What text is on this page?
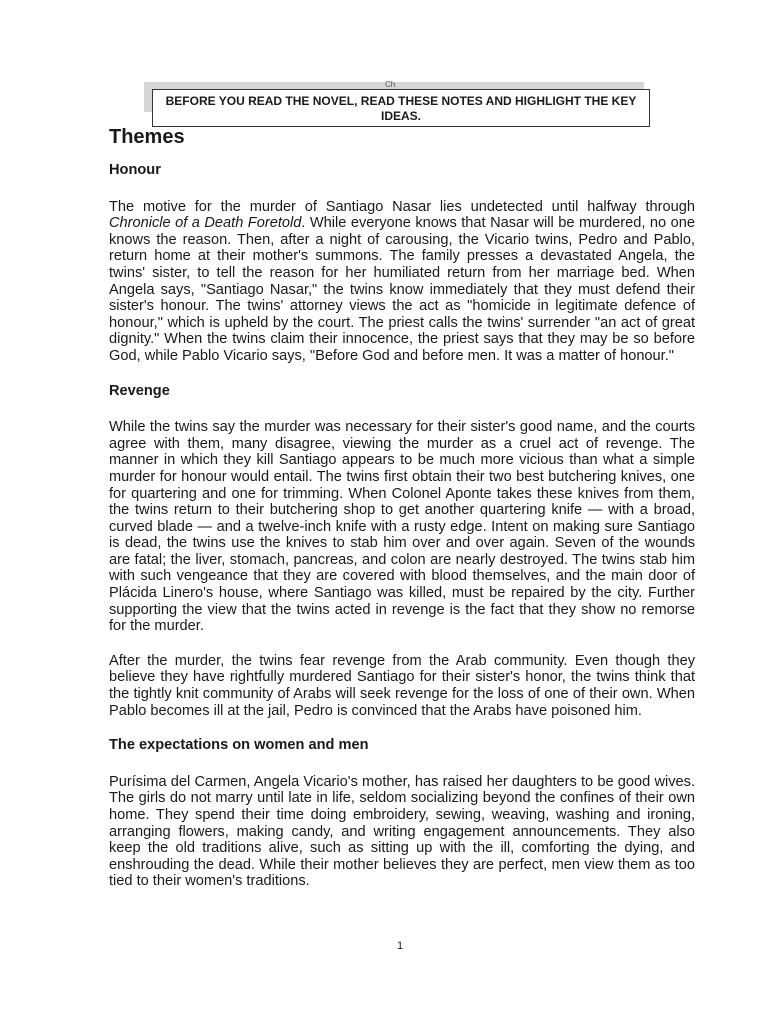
Ch
BEFORE YOU READ THE NOVEL, READ THESE NOTES AND HIGHLIGHT THE KEY IDEAS.
Themes
Honour

The motive for the murder of Santiago Nasar lies undetected until halfway through Chronicle of a Death Foretold. While everyone knows that Nasar will be murdered, no one knows the reason. Then, after a night of carousing, the Vicario twins, Pedro and Pablo, return home at their mother's summons. The family presses a devastated Angela, the twins' sister, to tell the reason for her humiliated return from her marriage bed. When Angela says, "Santiago Nasar," the twins know immediately that they must defend their sister's honour. The twins' attorney views the act as "homicide in legitimate defence of honour," which is upheld by the court. The priest calls the twins' surrender "an act of great dignity." When the twins claim their innocence, the priest says that they may be so before God, while Pablo Vicario says, "Before God and before men. It was a matter of honour."

Revenge

While the twins say the murder was necessary for their sister's good name, and the courts agree with them, many disagree, viewing the murder as a cruel act of revenge. The manner in which they kill Santiago appears to be much more vicious than what a simple murder for honour would entail. The twins first obtain their two best butchering knives, one for quartering and one for trimming. When Colonel Aponte takes these knives from them, the twins return to their butchering shop to get another quartering knife — with a broad, curved blade — and a twelve-inch knife with a rusty edge. Intent on making sure Santiago is dead, the twins use the knives to stab him over and over again. Seven of the wounds are fatal; the liver, stomach, pancreas, and colon are nearly destroyed. The twins stab him with such vengeance that they are covered with blood themselves, and the main door of Plácida Linero's house, where Santiago was killed, must be repaired by the city. Further supporting the view that the twins acted in revenge is the fact that they show no remorse for the murder.

After the murder, the twins fear revenge from the Arab community. Even though they believe they have rightfully murdered Santiago for their sister's honor, the twins think that the tightly knit community of Arabs will seek revenge for the loss of one of their own. When Pablo becomes ill at the jail, Pedro is convinced that the Arabs have poisoned him.

The expectations on women and men

Purísima del Carmen, Angela Vicario's mother, has raised her daughters to be good wives. The girls do not marry until late in life, seldom socializing beyond the confines of their own home. They spend their time doing embroidery, sewing, weaving, washing and ironing, arranging flowers, making candy, and writing engagement announcements. They also keep the old traditions alive, such as sitting up with the ill, comforting the dying, and enshrouding the dead. While their mother believes they are perfect, men view them as too tied to their women's traditions.

1
